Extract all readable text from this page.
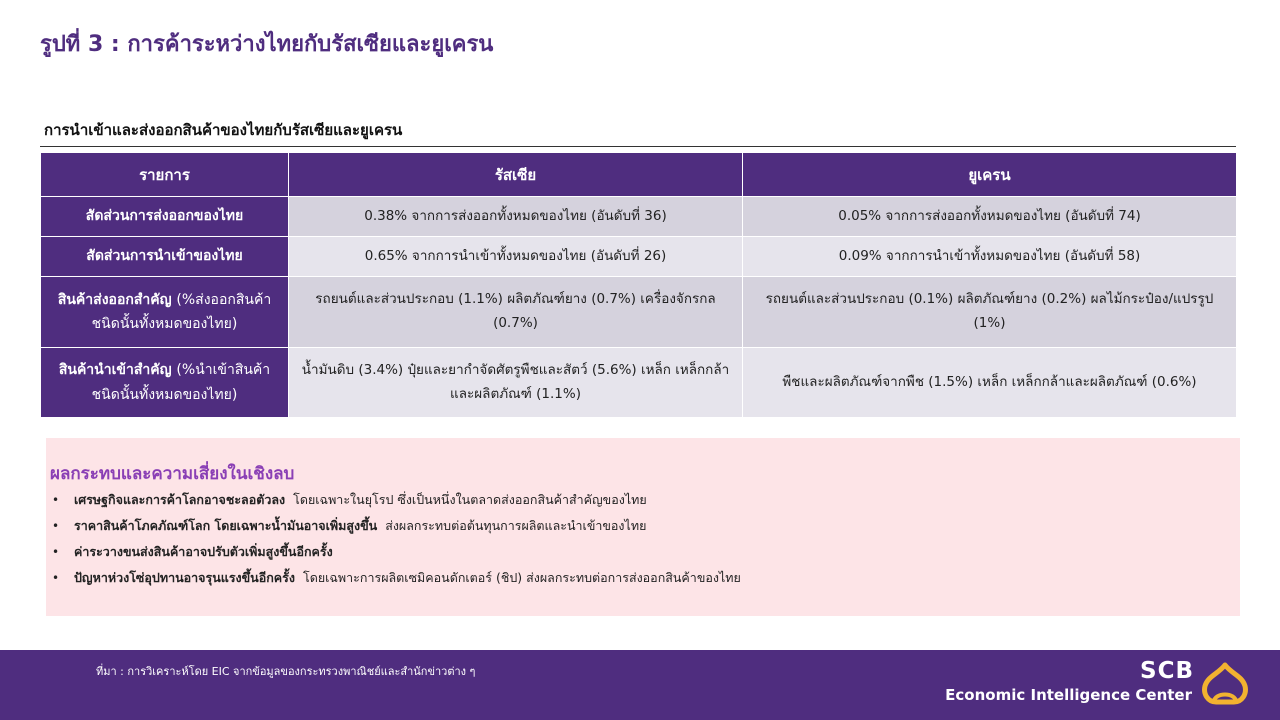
รูปที่ 3 : การค้าระหว่างไทยกับรัสเซียและยูเครน
การนำเข้าและส่งออกสินค้าของไทยกับรัสเซียและยูเครน
รายการ	รัสเซีย	ยูเครน
สัดส่วนการส่งออกของไทย	0.38% จากการส่งออกทั้งหมดของไทย (อันดับที่ 36)	0.05% จากการส่งออกทั้งหมดของไทย (อันดับที่ 74)
สัดส่วนการนำเข้าของไทย	0.65% จากการนำเข้าทั้งหมดของไทย (อันดับที่ 26)	0.09% จากการนำเข้าทั้งหมดของไทย (อันดับที่ 58)
สินค้าส่งออกสำคัญ (%ส่งออกสินค้าชนิดนั้นทั้งหมดของไทย)	รถยนต์และส่วนประกอบ (1.1%) ผลิตภัณฑ์ยาง (0.7%) เครื่องจักรกล (0.7%)	รถยนต์และส่วนประกอบ (0.1%) ผลิตภัณฑ์ยาง (0.2%) ผลไม้กระป๋อง/แปรรูป (1%)
สินค้านำเข้าสำคัญ (%นำเข้าสินค้าชนิดนั้นทั้งหมดของไทย)	น้ำมันดิบ (3.4%) ปุ๋ยและยากำจัดศัตรูพืชและสัตว์ (5.6%) เหล็ก เหล็กกล้าและผลิตภัณฑ์ (1.1%)	พืชและผลิตภัณฑ์จากพืช (1.5%) เหล็ก เหล็กกล้าและผลิตภัณฑ์ (0.6%)
ผลกระทบและความเสี่ยงในเชิงลบ
• เศรษฐกิจและการค้าโลกอาจชะลอตัวลง โดยเฉพาะในยุโรป ซึ่งเป็นหนึ่งในตลาดส่งออกสินค้าสำคัญของไทย
• ราคาสินค้าโภคภัณฑ์โลก โดยเฉพาะน้ำมันอาจเพิ่มสูงขึ้น ส่งผลกระทบต่อต้นทุนการผลิตและนำเข้าของไทย
• ค่าระวางขนส่งสินค้าอาจปรับตัวเพิ่มสูงขึ้นอีกครั้ง
• ปัญหาห่วงโซ่อุปทานอาจรุนแรงขึ้นอีกครั้ง โดยเฉพาะการผลิตเซมิคอนดักเตอร์ (ชิป) ส่งผลกระทบต่อการส่งออกสินค้าของไทย
ที่มา : การวิเคราะห์โดย EIC จากข้อมูลของกระทรวงพาณิชย์และสำนักข่าวต่าง ๆ	SCB
Economic Intelligence Center
